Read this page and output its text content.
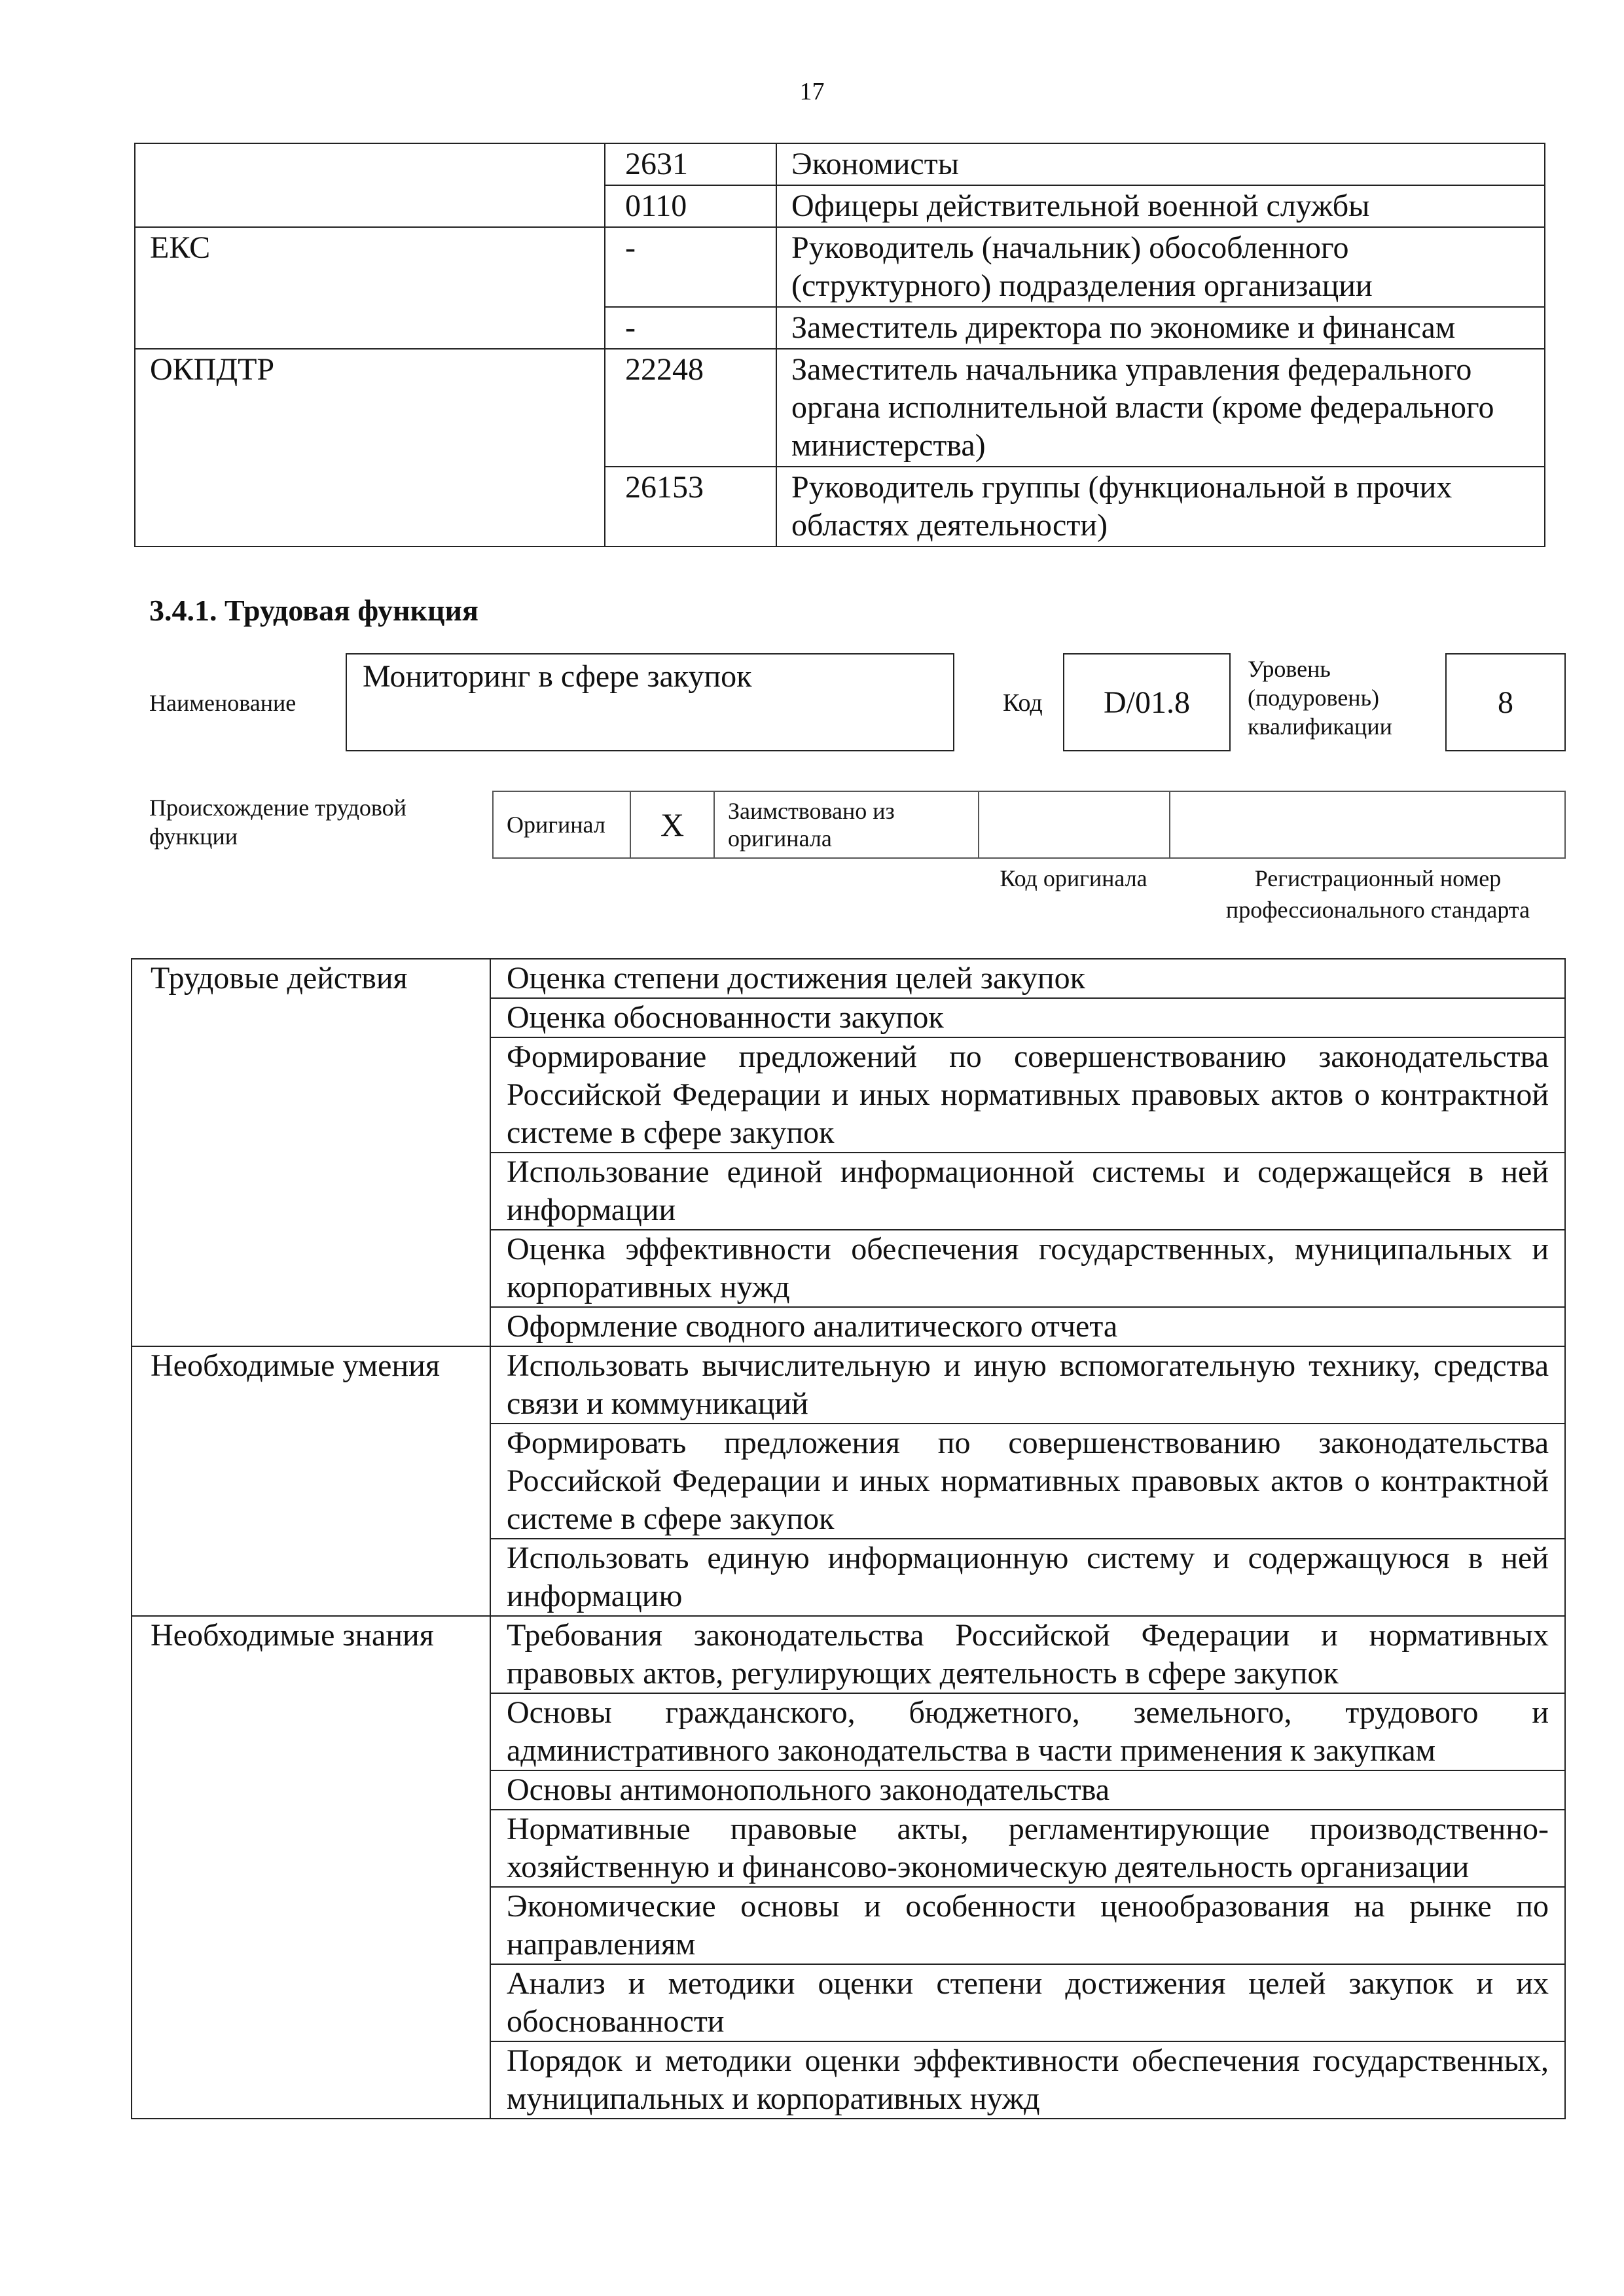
17
	2631	Экономисты
	0110	Офицеры действительной военной службы
ЕКС	-	Руководитель (начальник) обособленного (структурного) подразделения организации
	-	Заместитель директора по экономике и финансам
ОКПДТР	22248	Заместитель начальника управления федерального органа исполнительной власти (кроме федерального министерства)
	26153	Руководитель группы (функциональной в прочих областях деятельности)
3.4.1. Трудовая функция
Наименование
Мониторинг в сфере закупок
Код	D/01.8
Уровень (подуровень) квалификации
8
Происхождение трудовой функции	Оригинал	X	Заимствовано из оригинала		
Код оригинала	Регистрационный номер профессионального стандарта
Трудовые действия	Оценка степени достижения целей закупок
	Оценка обоснованности закупок
	Формирование предложений по совершенствованию законодательства Российской Федерации и иных нормативных правовых актов о контрактной системе в сфере закупок
	Использование единой информационной системы и содержащейся в ней информации
	Оценка эффективности обеспечения государственных, муниципальных и корпоративных нужд
	Оформление сводного аналитического отчета
Необходимые умения	Использовать вычислительную и иную вспомогательную технику, средства связи и коммуникаций
	Формировать предложения по совершенствованию законодательства Российской Федерации и иных нормативных правовых актов о контрактной системе в сфере закупок
	Использовать единую информационную систему и содержащуюся в ней информацию
Необходимые знания	Требования законодательства Российской Федерации и нормативных правовых актов, регулирующих деятельность в сфере закупок
	Основы гражданского, бюджетного, земельного, трудового и административного законодательства в части применения к закупкам
	Основы антимонопольного законодательства
	Нормативные правовые акты, регламентирующие производственно-хозяйственную и финансово-экономическую деятельность организации
	Экономические основы и особенности ценообразования на рынке по направлениям
	Анализ и методики оценки степени достижения целей закупок и их обоснованности
	Порядок и методики оценки эффективности обеспечения государственных, муниципальных и корпоративных нужд
